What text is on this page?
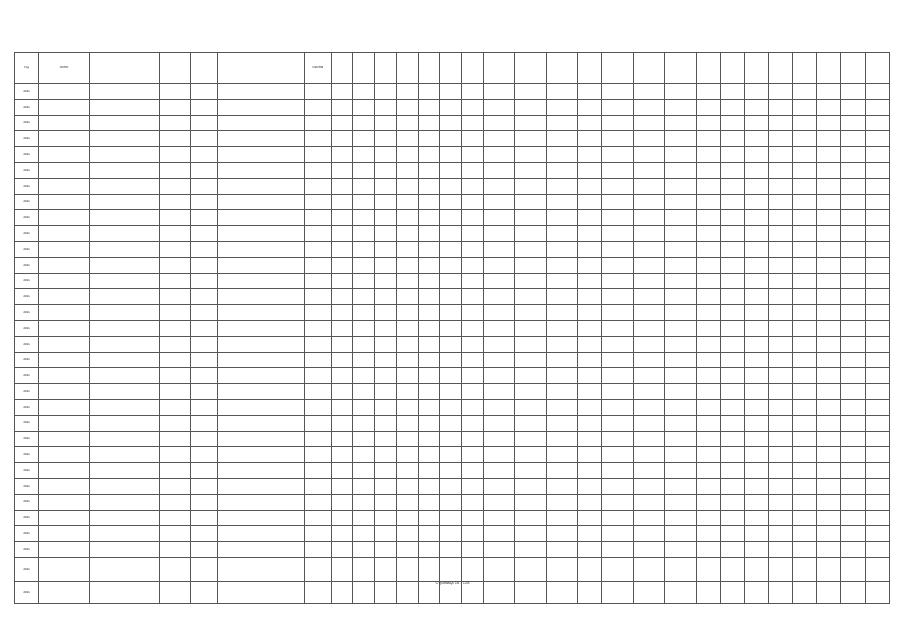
Год	ОКПО					ОКОПФ																						
2011																												
2011																												
2011																												
2011																												
2011																												
2011																												
2011																												
2011																												
2011																												
2011																												
2011																												
2011																												
2011																												
2011																												
2011																												
2011																												
2011																												
2011																												
2011																												
2011																												
2011																												
2011																												
2011																												
2011																												
2011																												
2011																												
2011																												
2011																												
2011																												
2011																												
2011																												
2011																												
Страница 16 - 128
